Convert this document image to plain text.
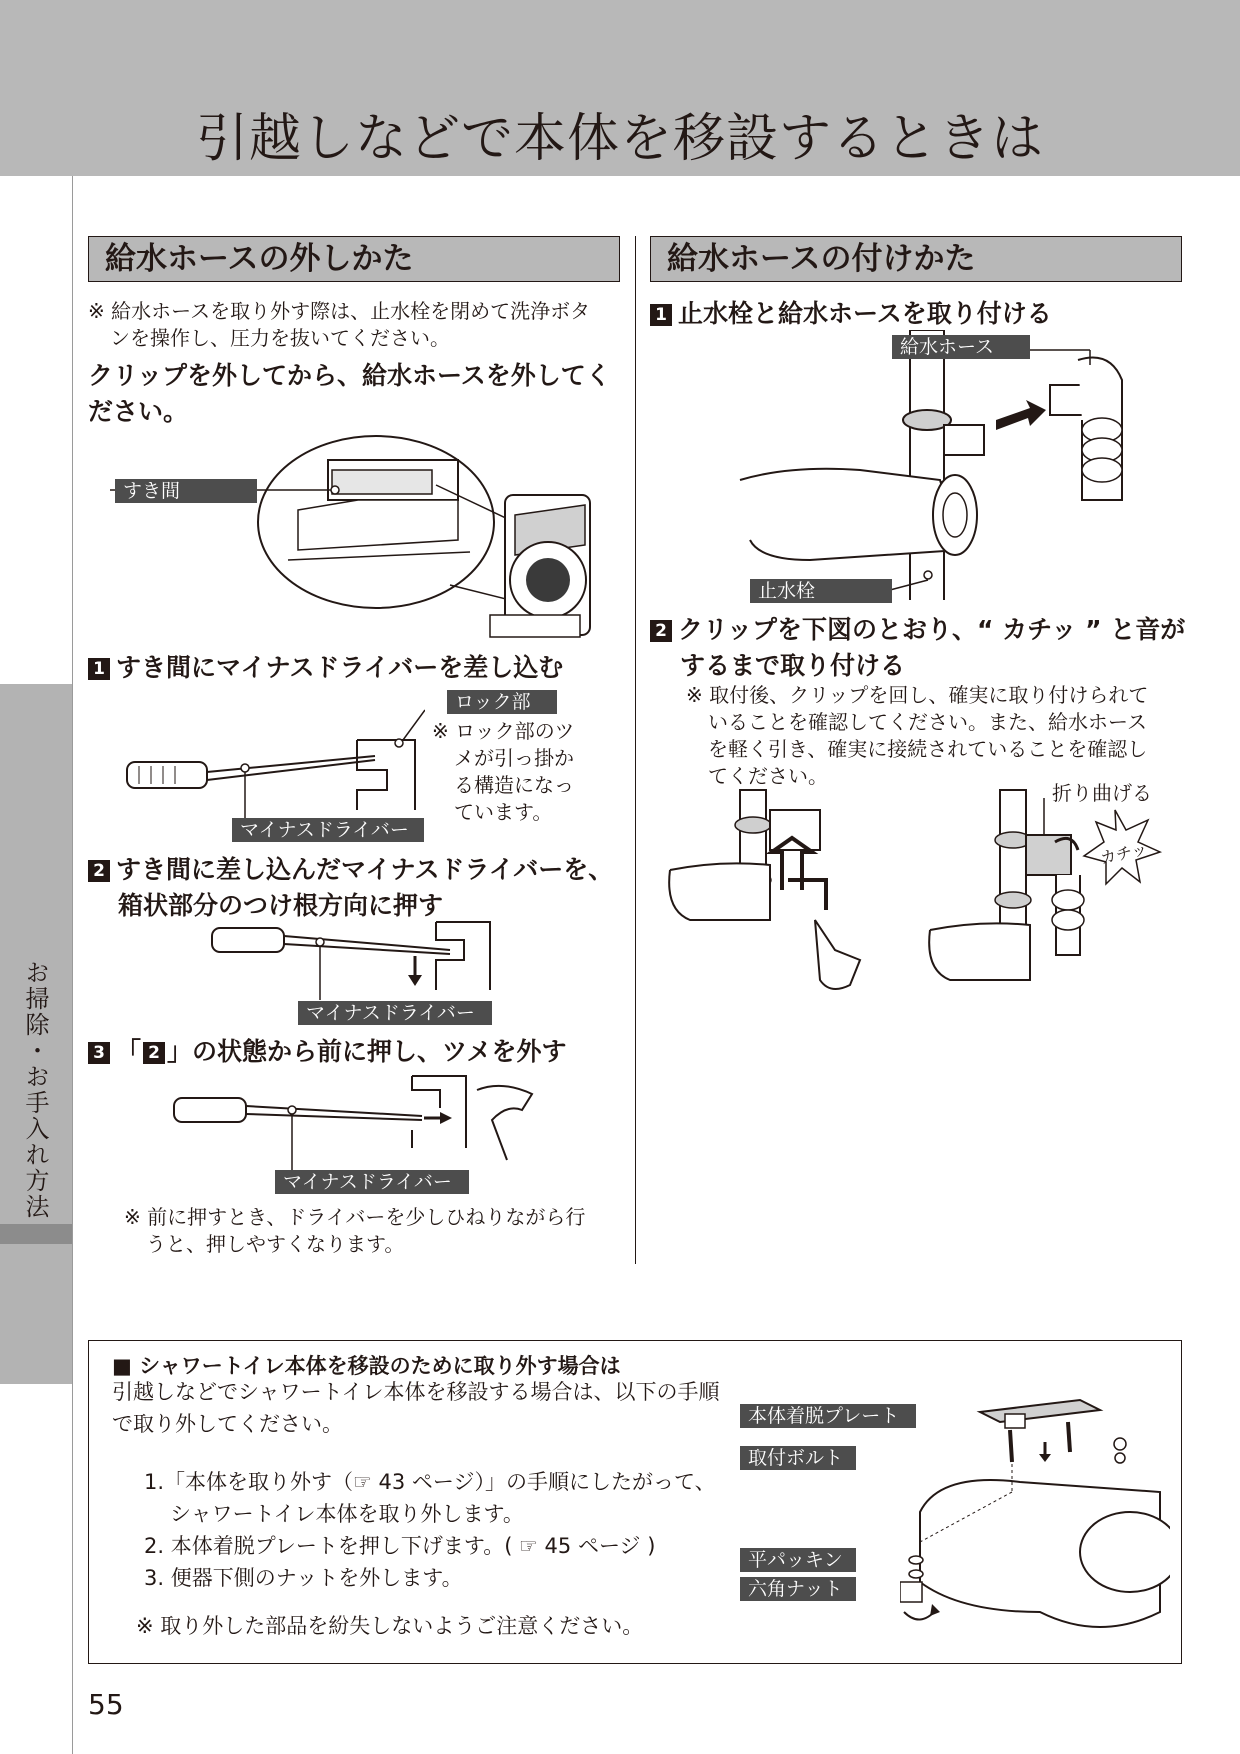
引越しなどで本体を移設するときは
お掃除・お手入れ方法
給水ホースの外しかた
※ 給水ホースを取り外す際は、止水栓を閉めて洗浄ボタ
ンを操作し、圧力を抜いてください。
クリップを外してから、給水ホースを外してく
ださい。
すき間
1 すき間にマイナスドライバーを差し込む
ロック部
※ ロック部のツ
メが引っ掛か
る構造になっ
ています。
マイナスドライバー
2 すき間に差し込んだマイナスドライバーを、
箱状部分のつけ根方向に押す
マイナスドライバー
3 「 2 」の状態から前に押し、ツメを外す
マイナスドライバー
※ 前に押すとき、ドライバーを少しひねりながら行
うと、押しやすくなります。
給水ホースの付けかた
1 止水栓と給水ホースを取り付ける
給水ホース
止水栓
2 クリップを下図のとおり、“ カチッ ” と音が
するまで取り付ける
※ 取付後、クリップを回し、確実に取り付けられて
いることを確認してください。また、給水ホース
を軽く引き、確実に接続されていることを確認し
てください。
折り曲げる
カチッ
■ シャワートイレ本体を移設のために取り外す場合は
引越しなどでシャワートイレ本体を移設する場合は、以下の手順
で取り外してください。
1.「本体を取り外す（☞ 43 ページ）」の手順にしたがって、
シャワートイレ本体を取り外します。
2. 本体着脱プレートを押し下げます。( ☞ 45 ページ )
3. 便器下側のナットを外します。
※ 取り外した部品を紛失しないようご注意ください。
本体着脱プレート
取付ボルト
平パッキン
六角ナット
55
